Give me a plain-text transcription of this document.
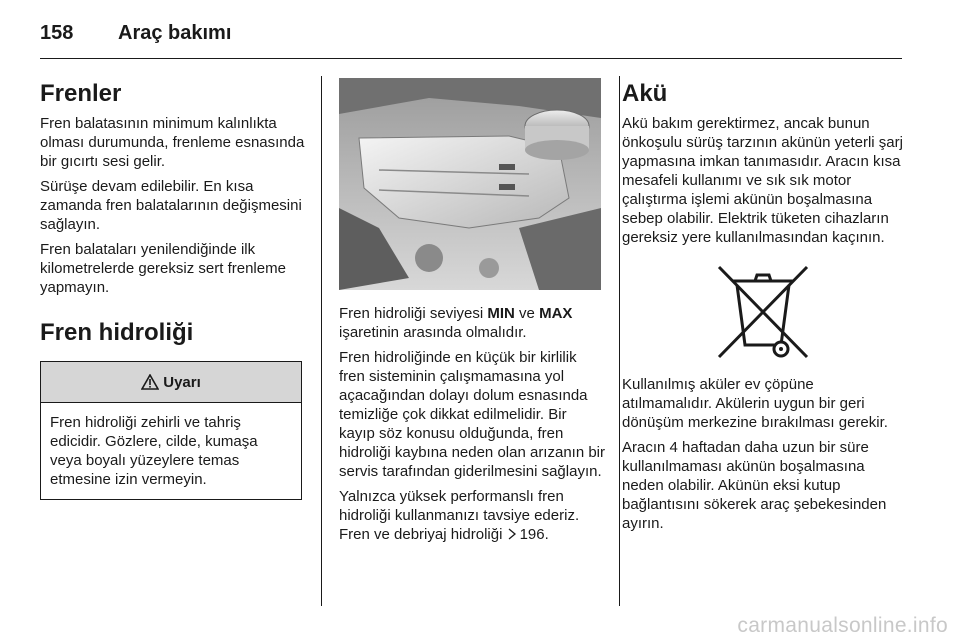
158 Araç bakımı
Frenler

Fren balatasının minimum kalınlıkta olması durumunda, frenleme esnasında bir gıcırtı sesi gelir.

Sürüşe devam edilebilir. En kısa zamanda fren balatalarının değişmesini sağlayın.

Fren balataları yenilendiğinde ilk kilometrelerde gereksiz sert frenleme yapmayın.

Fren hidroliği
Uyarı
Fren hidroliği zehirli ve tahriş edicidir. Gözlere, cilde, kumaşa veya boyalı yüzeylere temas etmesine izin vermeyin.

Fren hidroliği seviyesi MIN ve MAX işaretinin arasında olmalıdır.

Fren hidroliğinde en küçük bir kirlilik fren sisteminin çalışmamasına yol açacağından dolayı dolum esnasında temizliğe çok dikkat edilmelidir. Bir kayıp söz konusu olduğunda, fren hidroliği kaybına neden olan arızanın bir servis tarafından giderilmesini sağlayın.

Yalnızca yüksek performanslı fren hidroliği kullanmanızı tavsiye ederiz. Fren ve debriyaj hidroliği 196.

Akü

Akü bakım gerektirmez, ancak bunun önkoşulu sürüş tarzının akünün yeterli şarj yapmasına imkan tanımasıdır. Aracın kısa mesafeli kullanımı ve sık sık motor çalıştırma işlemi akünün boşalmasına sebep olabilir. Elektrik tüketen cihazların gereksiz yere kullanılmasından kaçının.

Kullanılmış aküler ev çöpüne atılmamalıdır. Akülerin uygun bir geri dönüşüm merkezine bırakılması gerekir.

Aracın 4 haftadan daha uzun bir süre kullanılmaması akünün boşalmasına neden olabilir. Akünün eksi kutup bağlantısını sökerek araç şebekesinden ayırın.

carmanualsonline.info
